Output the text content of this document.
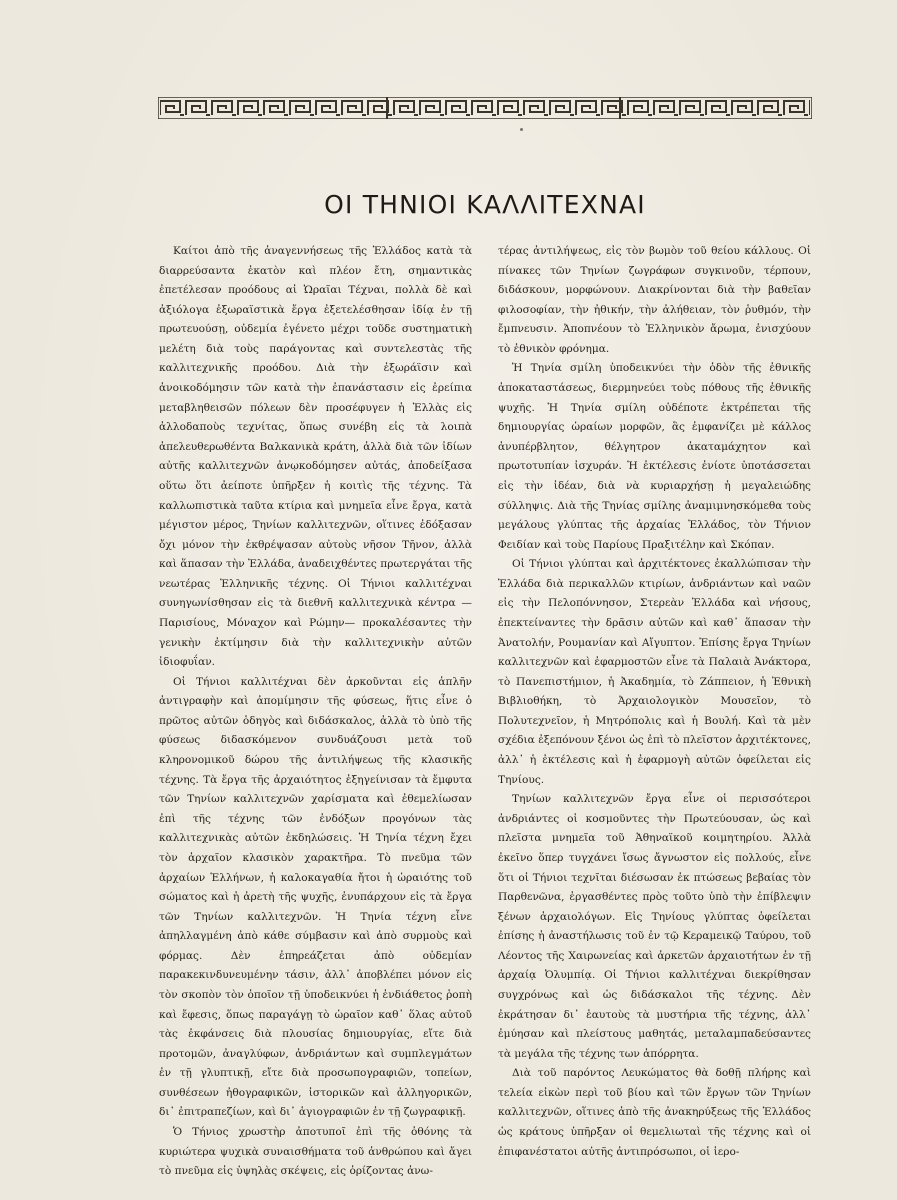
ΟΙ ΤΗΝΙΟΙ ΚΑΛΛΙΤΕΧΝΑΙ

Καίτοι ἀπὸ τῆς ἀναγεννήσεως τῆς Ἑλλάδος κατὰ τὰ διαρρεύσαντα ἑκατὸν καὶ πλέον ἔτη, σημαντικὰς ἐπετέλεσαν προόδους αἱ Ὡραῖαι Τέχναι, πολλὰ δὲ καὶ ἀξιόλογα ἐξωραϊστικὰ ἔργα ἐξετελέσθησαν ἰδίᾳ ἐν τῇ πρωτευούσῃ, οὐδεμία ἐγένετο μέχρι τοῦδε συστηματικὴ μελέτη διὰ τοὺς παράγοντας καὶ συντελεστὰς τῆς καλλιτεχνικῆς προόδου. Διὰ τὴν ἐξωράϊσιν καὶ ἀνοικοδόμησιν τῶν κατὰ τὴν ἐπανάστασιν εἰς ἐρείπια μεταβληθεισῶν πόλεων δὲν προσέφυγεν ἡ Ἑλλὰς εἰς ἀλλοδαποὺς τεχνίτας, ὅπως συνέβη εἰς τὰ λοιπὰ ἀπελευθερωθέντα Βαλκανικὰ κράτη, ἀλλὰ διὰ τῶν ἰδίων αὐτῆς καλλιτεχνῶν ἀνῳκοδόμησεν αὐτάς, ἀποδείξασα οὕτω ὅτι ἀείποτε ὑπῆρξεν ἡ κοιτὶς τῆς τέχνης. Τὰ καλλωπιστικὰ ταῦτα κτίρια καὶ μνημεῖα εἶνε ἔργα, κατὰ μέγιστον μέρος, Τηνίων καλλιτεχνῶν, οἵτινες ἐδόξασαν ὄχι μόνον τὴν ἐκθρέψασαν αὐτοὺς νῆσον Τῆνον, ἀλλὰ καὶ ἅπασαν τὴν Ἑλλάδα, ἀναδειχθέντες πρωτεργάται τῆς νεωτέρας Ἑλληνικῆς τέχνης. Οἱ Τήνιοι καλλιτέχναι συνηγωνίσθησαν εἰς τὰ διεθνῆ καλλιτεχνικὰ κέντρα —Παρισίους, Μόναχον καὶ Ρώμην— προκαλέσαντες τὴν γενικὴν ἐκτίμησιν διὰ τὴν καλλιτεχνικὴν αὐτῶν ἰδιοφυΐαν.

Οἱ Τήνιοι καλλιτέχναι δὲν ἀρκοῦνται εἰς ἁπλῆν ἀντιγραφὴν καὶ ἀπομίμησιν τῆς φύσεως, ἥτις εἶνε ὁ πρῶτος αὐτῶν ὁδηγὸς καὶ διδάσκαλος, ἀλλὰ τὸ ὑπὸ τῆς φύσεως διδασκόμενον συνδυάζουσι μετὰ τοῦ κληρονομικοῦ δώρου τῆς ἀντιλήψεως τῆς κλασικῆς τέχνης. Τὰ ἔργα τῆς ἀρχαιότητος ἐξηγείνισαν τὰ ἔμφυτα τῶν Τηνίων καλλιτεχνῶν χαρίσματα καὶ ἐθεμελίωσαν ἐπὶ τῆς τέχνης τῶν ἐνδόξων προγόνων τὰς καλλιτεχνικὰς αὐτῶν ἐκδηλώσεις. Ἡ Τηνία τέχνη ἔχει τὸν ἀρχαῖον κλασικὸν χαρακτῆρα. Τὸ πνεῦμα τῶν ἀρχαίων Ἑλλήνων, ἡ καλοκαγαθία ἤτοι ἡ ὡραιότης τοῦ σώματος καὶ ἡ ἀρετὴ τῆς ψυχῆς, ἐνυπάρχουν εἰς τὰ ἔργα τῶν Τηνίων καλλιτεχνῶν. Ἡ Τηνία τέχνη εἶνε ἀπηλλαγμένη ἀπὸ κάθε σύμβασιν καὶ ἀπὸ συρμοὺς καὶ φόρμας. Δὲν ἐπηρεάζεται ἀπὸ οὐδεμίαν παρακεκινδυνευμένην τάσιν, ἀλλ᾽ ἀποβλέπει μόνον εἰς τὸν σκοπὸν τὸν ὁποῖον τῇ ὑποδεικνύει ἡ ἐνδιάθετος ῥοπὴ καὶ ἔφεσις, ὅπως παραγάγῃ τὸ ὡραῖον καθ᾽ ὅλας αὐτοῦ τὰς ἐκφάνσεις διὰ πλουσίας δημιουργίας, εἴτε διὰ προτομῶν, ἀναγλύφων, ἀνδριάντων καὶ συμπλεγμάτων ἐν τῇ γλυπτικῇ, εἴτε διὰ προσωπογραφιῶν, τοπείων, συνθέσεων ἠθογραφικῶν, ἱστορικῶν καὶ ἀλληγορικῶν, δι᾽ ἐπιτραπεζίων, καὶ δι᾽ ἁγιογραφιῶν ἐν τῇ ζωγραφικῇ.

Ὁ Τήνιος χρωστὴρ ἀποτυποῖ ἐπὶ τῆς ὀθόνης τὰ κυριώτερα ψυχικὰ συναισθήματα τοῦ ἀνθρώπου καὶ ἄγει τὸ πνεῦμα εἰς ὑψηλὰς σκέψεις, εἰς ὁρίζοντας ἀνω-

τέρας ἀντιλήψεως, εἰς τὸν βωμὸν τοῦ θείου κάλλους. Οἱ πίνακες τῶν Τηνίων ζωγράφων συγκινοῦν, τέρπουν, διδάσκουν, μορφώνουν. Διακρίνονται διὰ τὴν βαθεῖαν φιλοσοφίαν, τὴν ἠθικήν, τὴν ἀλήθειαν, τὸν ῥυθμόν, τὴν ἔμπνευσιν. Ἀποπνέουν τὸ Ἑλληνικὸν ἄρωμα, ἐνισχύουν τὸ ἐθνικὸν φρόνημα.

Ἡ Τηνία σμίλη ὑποδεικνύει τὴν ὁδὸν τῆς ἐθνικῆς ἀποκαταστάσεως, διερμηνεύει τοὺς πόθους τῆς ἐθνικῆς ψυχῆς. Ἡ Τηνία σμίλη οὐδέποτε ἐκτρέπεται τῆς δημιουργίας ὡραίων μορφῶν, ἃς ἐμφανίζει μὲ κάλλος ἀνυπέρβλητον, θέλγητρον ἀκαταμάχητον καὶ πρωτοτυπίαν ἰσχυράν. Ἡ ἐκτέλεσις ἐνίοτε ὑποτάσσεται εἰς τὴν ἰδέαν, διὰ νὰ κυριαρχήσῃ ἡ μεγαλειώδης σύλληψις. Διὰ τῆς Τηνίας σμίλης ἀναμιμνησκόμεθα τοὺς μεγάλους γλύπτας τῆς ἀρχαίας Ἑλλάδος, τὸν Τήνιον Φειδίαν καὶ τοὺς Παρίους Πραξιτέλην καὶ Σκόπαν.

Οἱ Τήνιοι γλύπται καὶ ἀρχιτέκτονες ἐκαλλώπισαν τὴν Ἑλλάδα διὰ περικαλλῶν κτιρίων, ἀνδριάντων καὶ ναῶν εἰς τὴν Πελοπόννησον, Στερεὰν Ἑλλάδα καὶ νήσους, ἐπεκτείναντες τὴν δρᾶσιν αὐτῶν καὶ καθ᾽ ἅπασαν τὴν Ἀνατολήν, Ρουμανίαν καὶ Αἴγυπτον. Ἐπίσης ἔργα Τηνίων καλλιτεχνῶν καὶ ἐφαρμοστῶν εἶνε τὰ Παλαιὰ Ἀνάκτορα, τὸ Πανεπιστήμιον, ἡ Ἀκαδημία, τὸ Ζάππειον, ἡ Ἐθνικὴ Βιβλιοθήκη, τὸ Ἀρχαιολογικὸν Μουσεῖον, τὸ Πολυτεχνεῖον, ἡ Μητρόπολις καὶ ἡ Βουλή. Καὶ τὰ μὲν σχέδια ἐξεπόνουν ξένοι ὡς ἐπὶ τὸ πλεῖστον ἀρχιτέκτονες, ἀλλ᾽ ἡ ἐκτέλεσις καὶ ἡ ἐφαρμογὴ αὐτῶν ὀφείλεται εἰς Τηνίους.

Τηνίων καλλιτεχνῶν ἔργα εἶνε οἱ περισσότεροι ἀνδριάντες οἱ κοσμοῦντες τὴν Πρωτεύουσαν, ὡς καὶ πλεῖστα μνημεῖα τοῦ Ἀθηναϊκοῦ κοιμητηρίου. Ἀλλὰ ἐκεῖνο ὅπερ τυγχάνει ἴσως ἄγνωστον εἰς πολλούς, εἶνε ὅτι οἱ Τήνιοι τεχνῖται διέσωσαν ἐκ πτώσεως βεβαίας τὸν Παρθενῶνα, ἐργασθέντες πρὸς τοῦτο ὑπὸ τὴν ἐπίβλεψιν ξένων ἀρχαιολόγων. Εἰς Τηνίους γλύπτας ὀφείλεται ἐπίσης ἡ ἀναστήλωσις τοῦ ἐν τῷ Κεραμεικῷ Ταύρου, τοῦ Λέοντος τῆς Χαιρωνείας καὶ ἀρκετῶν ἀρχαιοτήτων ἐν τῇ ἀρχαίᾳ Ὀλυμπίᾳ. Οἱ Τήνιοι καλλιτέχναι διεκρίθησαν συγχρόνως καὶ ὡς διδάσκαλοι τῆς τέχνης. Δὲν ἐκράτησαν δι᾽ ἑαυτοὺς τὰ μυστήρια τῆς τέχνης, ἀλλ᾽ ἐμύησαν καὶ πλείστους μαθητάς, μεταλαμπαδεύσαντες τὰ μεγάλα τῆς τέχνης των ἀπόρρητα.

Διὰ τοῦ παρόντος Λευκώματος θὰ δοθῇ πλήρης καὶ τελεία εἰκὼν περὶ τοῦ βίου καὶ τῶν ἔργων τῶν Τηνίων καλλιτεχνῶν, οἵτινες ἀπὸ τῆς ἀνακηρύξεως τῆς Ἑλλάδος ὡς κράτους ὑπῆρξαν οἱ θεμελιωταὶ τῆς τέχνης καὶ οἱ ἐπιφανέστατοι αὐτῆς ἀντιπρόσωποι, οἱ ἱερο-
